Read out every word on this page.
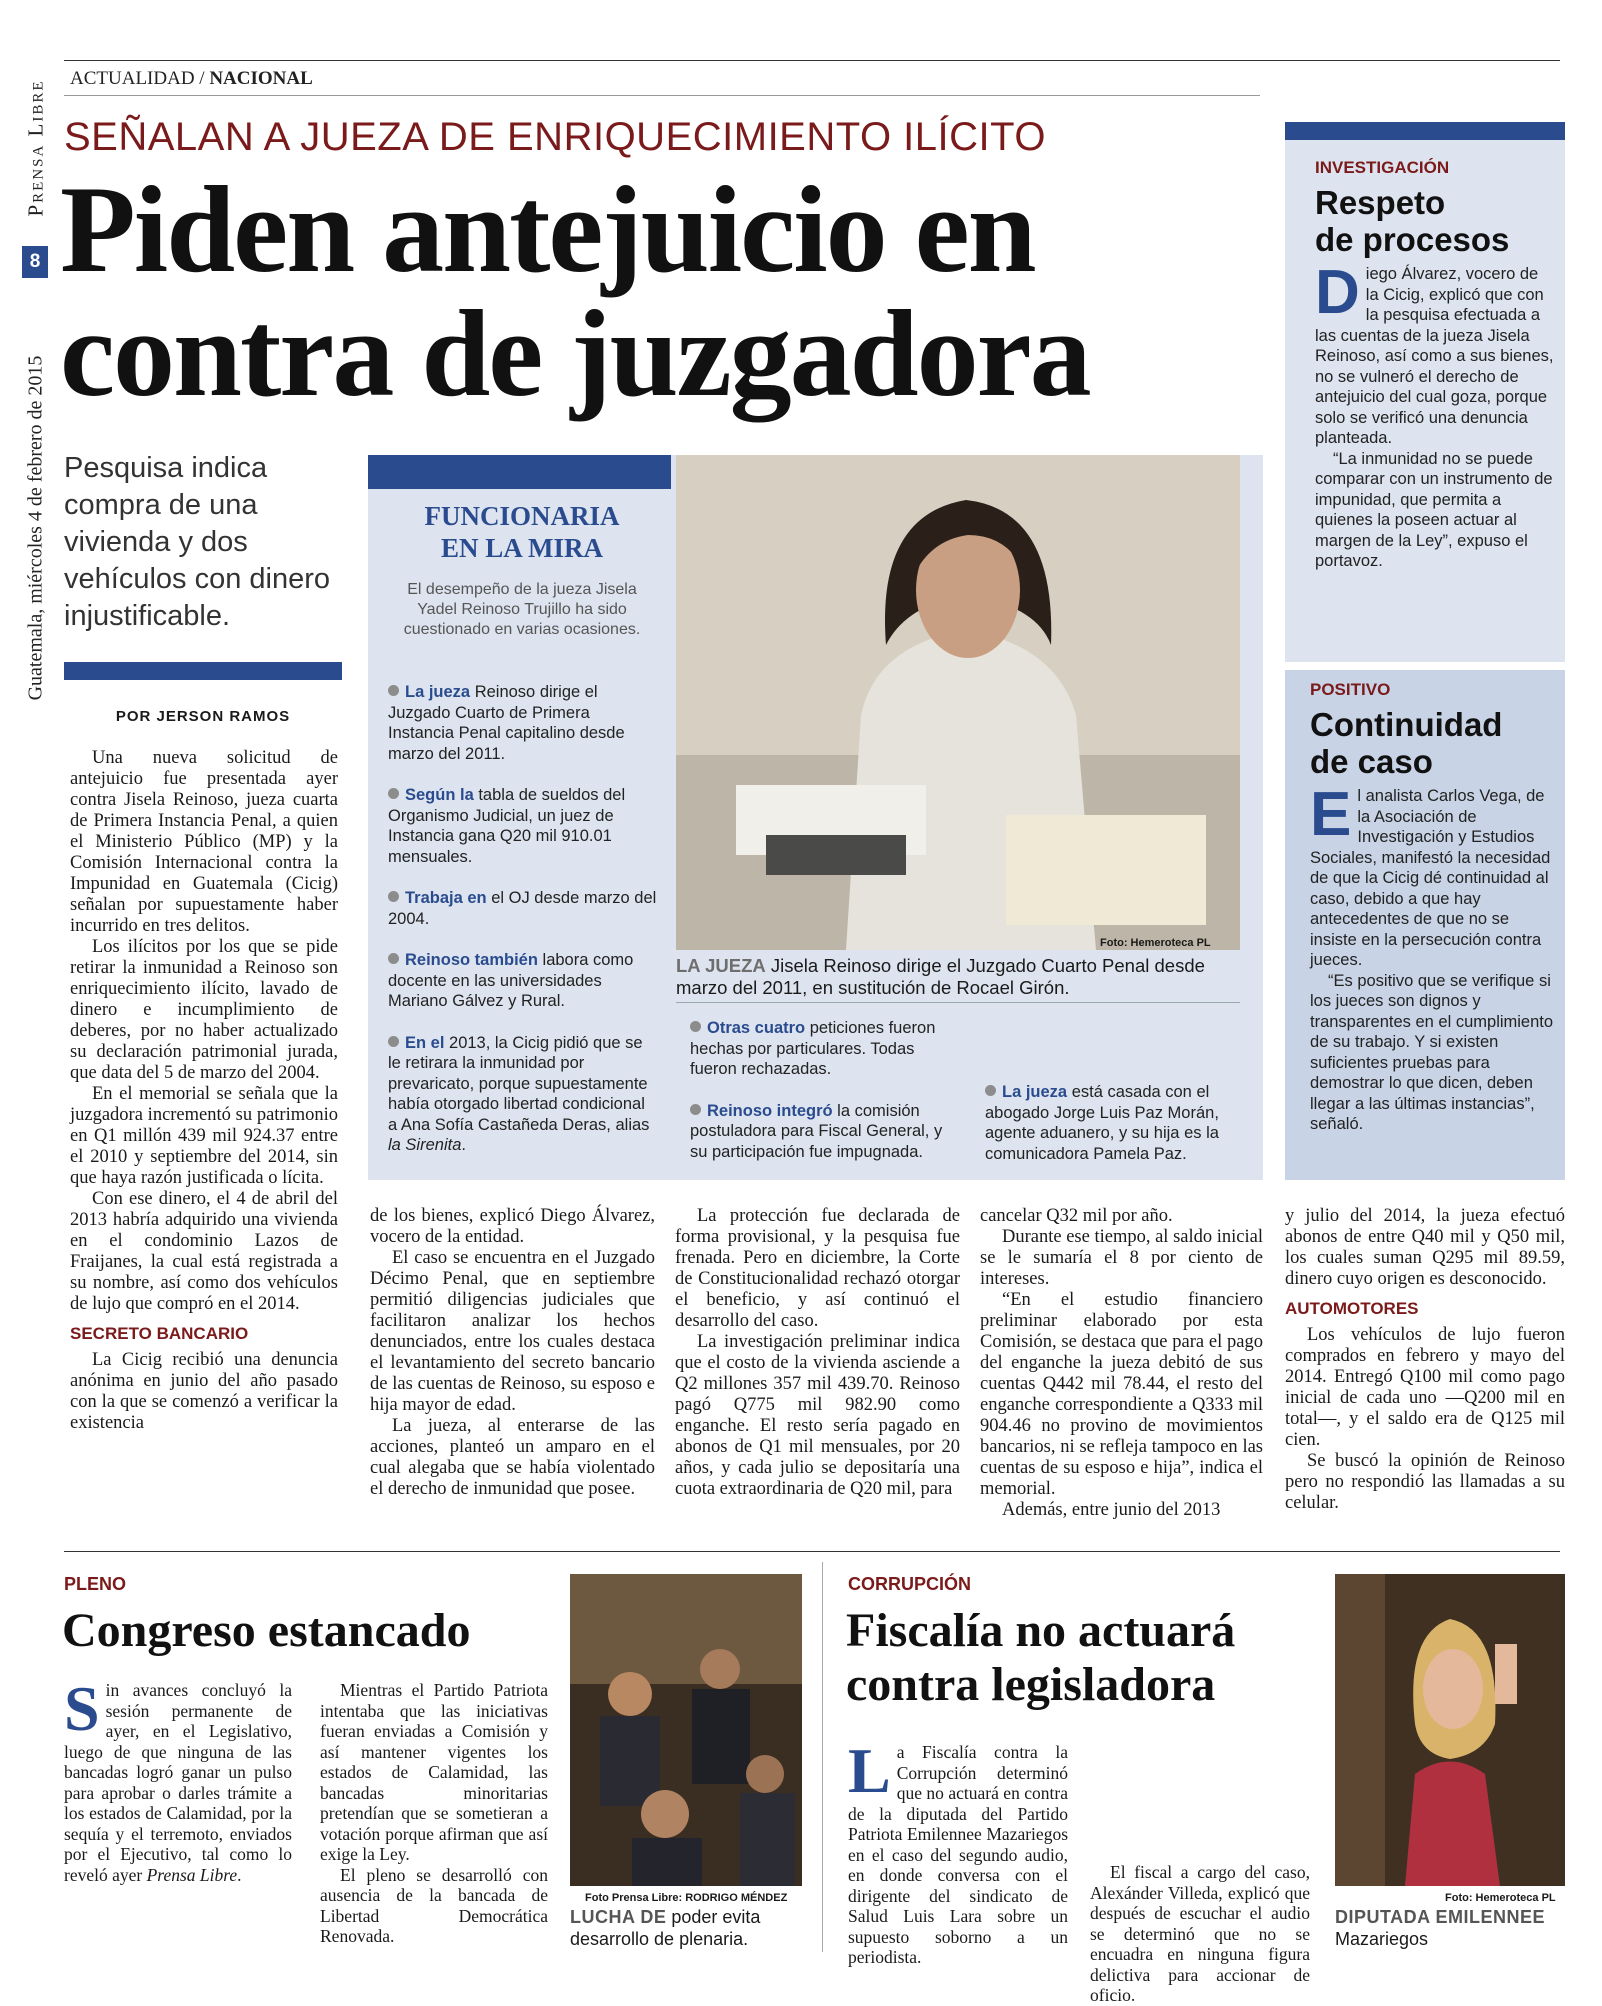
Prensa Libre
8
Guatemala, miércoles 4 de febrero de 2015
ACTUALIDAD / NACIONAL
SEÑALAN A JUEZA DE ENRIQUECIMIENTO ILÍCITO
Piden antejuicio en
contra de juzgadora
Pesquisa indica compra de una vivienda y dos vehículos con dinero injustificable.
POR JERSON RAMOS

Una nueva solicitud de antejuicio fue presentada ayer contra Jisela Reinoso, jueza cuarta de Primera Instancia Penal, a quien el Ministerio Público (MP) y la Comisión Internacional contra la Impunidad en Guatemala (Cicig) señalan por supuestamente haber incurrido en tres delitos.

Los ilícitos por los que se pide retirar la inmunidad a Reinoso son enriquecimiento ilícito, lavado de dinero e incumplimiento de deberes, por no haber actualizado su declaración patrimonial jurada, que data del 5 de marzo del 2004.

En el memorial se señala que la juzgadora incrementó su patrimonio en Q1 millón 439 mil 924.37 entre el 2010 y septiembre del 2014, sin que haya razón justificada o lícita.

Con ese dinero, el 4 de abril del 2013 habría adquirido una vivienda en el condominio Lazos de Fraijanes, la cual está registrada a su nombre, así como dos vehículos de lujo que compró en el 2014.

SECRETO BANCARIO

La Cicig recibió una denuncia anónima en junio del año pasado con la que se comenzó a verificar la existencia

FUNCIONARIA
EN LA MIRA
El desempeño de la jueza Jisela Yadel Reinoso Trujillo ha sido cuestionado en varias ocasiones.
La jueza Reinoso dirige el Juzgado Cuarto de Primera Instancia Penal capitalino desde marzo del 2011.
Según la tabla de sueldos del Organismo Judicial, un juez de Instancia gana Q20 mil 910.01 mensuales.
Trabaja en el OJ desde marzo del 2004.
Reinoso también labora como docente en las universidades Mariano Gálvez y Rural.
En el 2013, la Cicig pidió que se le retirara la inmunidad por prevaricato, porque supuestamente había otorgado libertad condicional a Ana Sofía Castañeda Deras, alias la Sirenita.
Foto: Hemeroteca PL
LA JUEZA Jisela Reinoso dirige el Juzgado Cuarto Penal desde marzo del 2011, en sustitución de Rocael Girón.
Otras cuatro peticiones fueron hechas por particulares. Todas fueron rechazadas.
Reinoso integró la comisión postuladora para Fiscal General, y su participación fue impugnada.
La jueza está casada con el abogado Jorge Luis Paz Morán, agente aduanero, y su hija es la comunicadora Pamela Paz.
INVESTIGACIÓN
Respeto
de procesos
D iego Álvarez, vocero de la Cicig, explicó que con la pesquisa efectuada a las cuentas de la jueza Jisela Reinoso, así como a sus bienes, no se vulneró el derecho de antejuicio del cual goza, porque solo se verificó una denuncia planteada.

“La inmunidad no se puede comparar con un instrumento de impunidad, que permita a quienes la poseen actuar al margen de la Ley”, expuso el portavoz.

POSITIVO
Continuidad
de caso
E l analista Carlos Vega, de la Asociación de Investigación y Estudios Sociales, manifestó la necesidad de que la Cicig dé continuidad al caso, debido a que hay antecedentes de que no se insiste en la persecución contra jueces.

“Es positivo que se verifique si los jueces son dignos y transparentes en el cumplimiento de su trabajo. Y si existen suficientes pruebas para demostrar lo que dicen, deben llegar a las últimas instancias”, señaló.

de los bienes, explicó Diego Álvarez, vocero de la entidad.

El caso se encuentra en el Juzgado Décimo Penal, que en septiembre permitió diligencias judiciales que facilitaron analizar los hechos denunciados, entre los cuales destaca el levantamiento del secreto bancario de las cuentas de Reinoso, su esposo e hija mayor de edad.

La jueza, al enterarse de las acciones, planteó un amparo en el cual alegaba que se había violentado el derecho de inmunidad que posee.

La protección fue declarada de forma provisional, y la pesquisa fue frenada. Pero en diciembre, la Corte de Constitucionalidad rechazó otorgar el beneficio, y así continuó el desarrollo del caso.

La investigación preliminar indica que el costo de la vivienda asciende a Q2 millones 357 mil 439.70. Reinoso pagó Q775 mil 982.90 como enganche. El resto sería pagado en abonos de Q1 mil mensuales, por 20 años, y cada julio se depositaría una cuota extraordinaria de Q20 mil, para

cancelar Q32 mil por año.

Durante ese tiempo, al saldo inicial se le sumaría el 8 por ciento de intereses.

“En el estudio financiero preliminar elaborado por esta Comisión, se destaca que para el pago del enganche la jueza debitó de sus cuentas Q442 mil 78.44, el resto del enganche correspondiente a Q333 mil 904.46 no provino de movimientos bancarios, ni se refleja tampoco en las cuentas de su esposo e hija”, indica el memorial.

Además, entre junio del 2013

y julio del 2014, la jueza efectuó abonos de entre Q40 mil y Q50 mil, los cuales suman Q295 mil 89.59, dinero cuyo origen es desconocido.
AUTOMOTORES

Los vehículos de lujo fueron comprados en febrero y mayo del 2014. Entregó Q100 mil como pago inicial de cada uno —Q200 mil en total—, y el saldo era de Q125 mil cien.

Se buscó la opinión de Reinoso pero no respondió las llamadas a su celular.

PLENO
Congreso estancado
S in avances concluyó la sesión permanente de ayer, en el Legislativo, luego de que ninguna de las bancadas logró ganar un pulso para aprobar o darles trámite a los estados de Calamidad, por la sequía y el terremoto, enviados por el Ejecutivo, tal como lo reveló ayer Prensa Libre.

Mientras el Partido Patriota intentaba que las iniciativas fueran enviadas a Comisión y así mantener vigentes los estados de Calamidad, las bancadas minoritarias pretendían que se sometieran a votación porque afirman que así exige la Ley.

El pleno se desarrolló con ausencia de la bancada de Libertad Democrática Renovada.

Foto Prensa Libre: RODRIGO MÉNDEZ
LUCHA DE poder evita desarrollo de plenaria.
CORRUPCIÓN
Fiscalía no actuará
contra legisladora
L a Fiscalía contra la Corrupción determinó que no actuará en contra de la diputada del Partido Patriota Emilennee Mazariegos en el caso del segundo audio, en donde conversa con el dirigente del sindicato de Salud Luis Lara sobre un supuesto soborno a un periodista.

El fiscal a cargo del caso, Alexánder Villeda, explicó que después de escuchar el audio se determinó que no se encuadra en ninguna figura delictiva para accionar de oficio.

Foto: Hemeroteca PL
DIPUTADA EMILENNEE
Mazariegos
